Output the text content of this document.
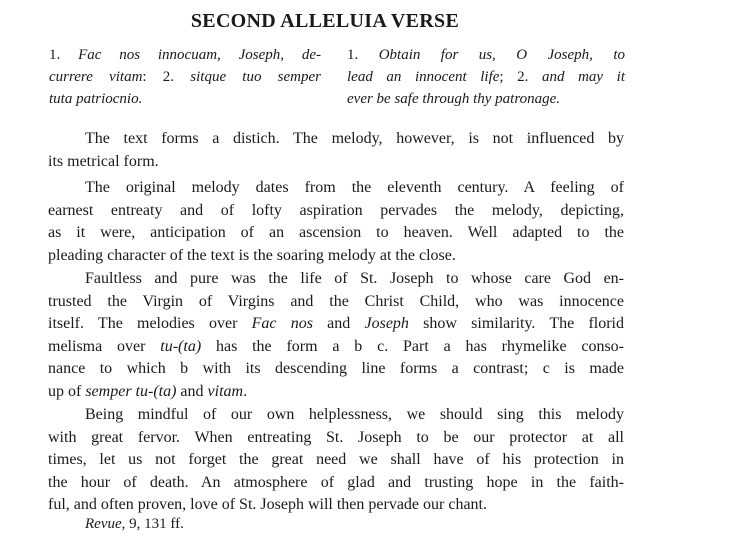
SECOND ALLELUIA VERSE
1. Fac nos innocuam, Joseph, de-
currere vitam: 2. sitque tuo semper
tuta patriocnio.
1. Obtain for us, O Joseph, to
lead an innocent life; 2. and may it
ever be safe through thy patronage.
The text forms a distich. The melody, however, is not influenced by
its metrical form.
The original melody dates from the eleventh century. A feeling of
earnest entreaty and of lofty aspiration pervades the melody, depicting,
as it were, anticipation of an ascension to heaven. Well adapted to the
pleading character of the text is the soaring melody at the close.
Faultless and pure was the life of St. Joseph to whose care God en-
trusted the Virgin of Virgins and the Christ Child, who was innocence
itself. The melodies over Fac nos and Joseph show similarity. The florid
melisma over tu-(ta) has the form a b c. Part a has rhymelike conso-
nance to which b with its descending line forms a contrast; c is made
up of semper tu-(ta) and vitam.
Being mindful of our own helplessness, we should sing this melody
with great fervor. When entreating St. Joseph to be our protector at all
times, let us not forget the great need we shall have of his protection in
the hour of death. An atmosphere of glad and trusting hope in the faith-
ful, and often proven, love of St. Joseph will then pervade our chant.
Revue, 9, 131 ff.
